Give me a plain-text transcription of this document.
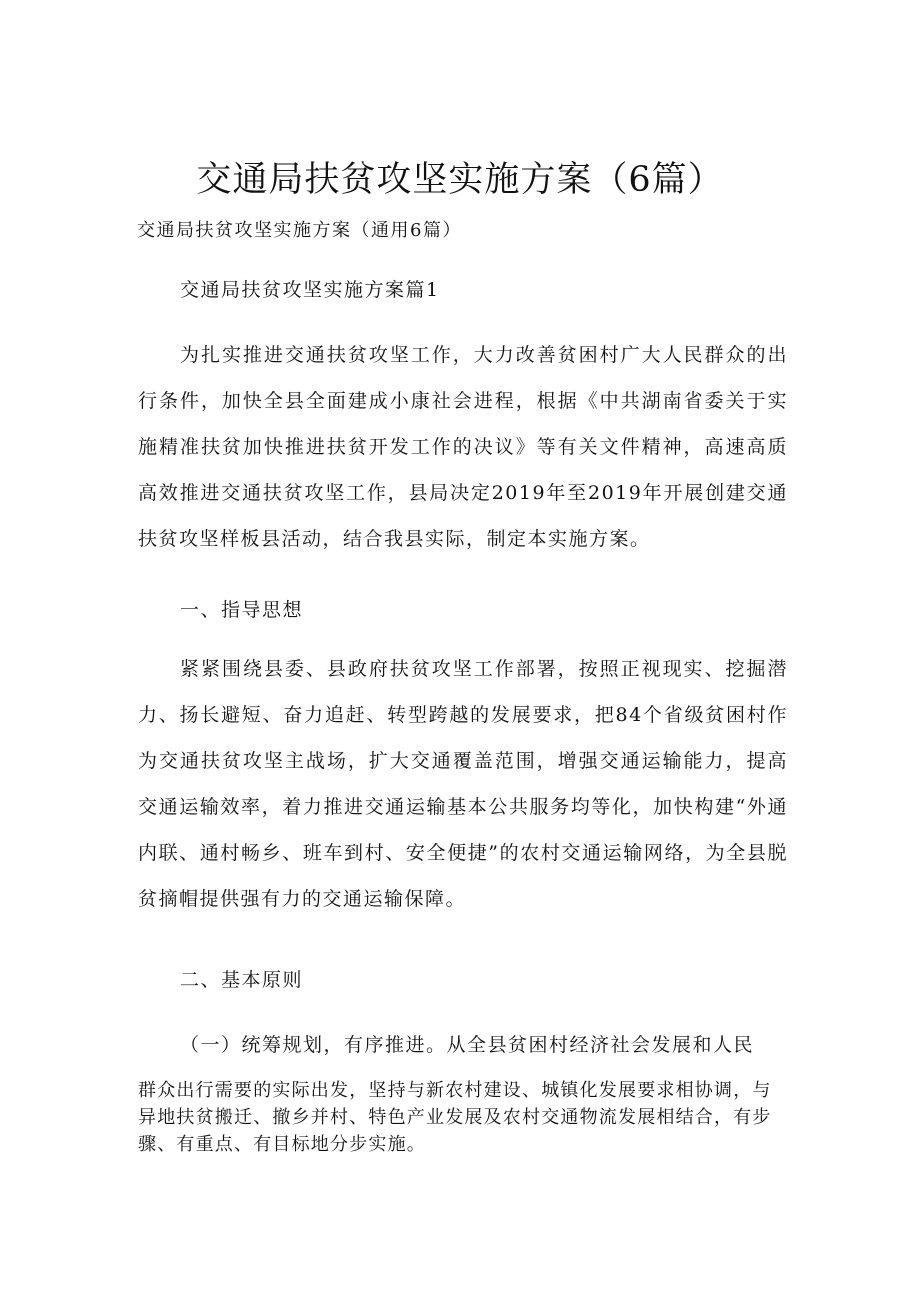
交通局扶贫攻坚实施方案（6篇）

交通局扶贫攻坚实施方案（通用6篇）

交通局扶贫攻坚实施方案篇1

为扎实推进交通扶贫攻坚工作，大力改善贫困村广大人民群众的出行条件，加快全县全面建成小康社会进程，根据《中共湖南省委关于实施精准扶贫加快推进扶贫开发工作的决议》等有关文件精神，高速高质高效推进交通扶贫攻坚工作，县局决定2019年至2019年开展创建交通扶贫攻坚样板县活动，结合我县实际，制定本实施方案。

一、指导思想

紧紧围绕县委、县政府扶贫攻坚工作部署，按照正视现实、挖掘潜力、扬长避短、奋力追赶、转型跨越的发展要求，把84个省级贫困村作为交通扶贫攻坚主战场，扩大交通覆盖范围，增强交通运输能力，提高交通运输效率，着力推进交通运输基本公共服务均等化，加快构建“外通内联、通村畅乡、班车到村、安全便捷”的农村交通运输网络，为全县脱贫摘帽提供强有力的交通运输保障。

二、基本原则

（一）统筹规划，有序推进。从全县贫困村经济社会发展和人民

群众出行需要的实际出发，坚持与新农村建设、城镇化发展要求相协调，与异地扶贫搬迁、撤乡并村、特色产业发展及农村交通物流发展相结合，有步骤、有重点、有目标地分步实施。
